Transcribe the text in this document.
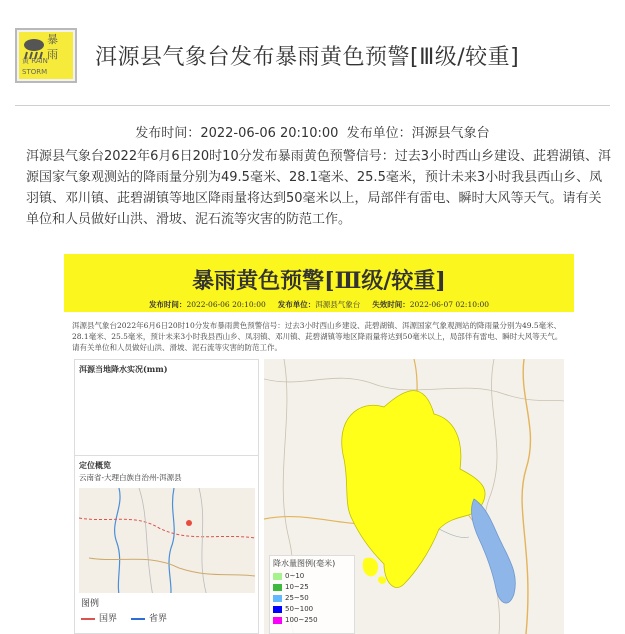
暴
雨
黄 RAIN STORM
洱源县气象台发布暴雨黄色预警[Ⅲ级/较重]
发布时间：2022-06-06 20:10:00 发布单位：洱源县气象台
洱源县气象台2022年6月6日20时10分发布暴雨黄色预警信号：过去3小时西山乡建设、茈碧湖镇、洱源国家气象观测站的降雨量分别为49.5毫米、28.1毫米、25.5毫米，预计未来3小时我县西山乡、凤羽镇、邓川镇、茈碧湖镇等地区降雨量将达到50毫米以上，局部伴有雷电、瞬时大风等天气。请有关单位和人员做好山洪、滑坡、泥石流等灾害的防范工作。
暴雨黄色预警[Ⅲ级/较重]
发布时间：2022-06-06 20:10:00 发布单位：洱源县气象台 失效时间：2022-06-07 02:10:00
洱源县气象台2022年6月6日20时10分发布暴雨黄色预警信号：过去3小时西山乡建设、茈碧湖镇、洱源国家气象观测站的降雨量分别为49.5毫米、28.1毫米、25.5毫米，预计未来3小时我县西山乡、凤羽镇、邓川镇、茈碧湖镇等地区降雨量将达到50毫米以上，局部伴有雷电、瞬时大风等天气。请有关单位和人员做好山洪、滑坡、泥石流等灾害的防范工作。
洱源当地降水实况(mm)
定位概览
云南省-大理白族自治州-洱源县
图例
国界	省界
降水量图例(毫米)
0~10
10~25
25~50
50~100
100~250
